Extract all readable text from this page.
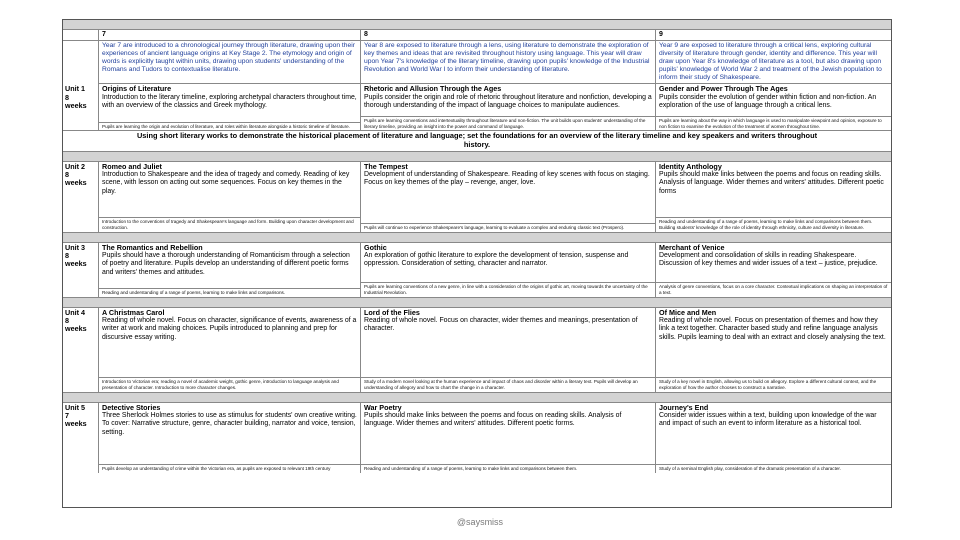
7	8	9
Year 7 are introduced to a chronological journey through literature, drawing upon their experiences of ancient language origins at Key Stage 2. The etymology and origin of words is explicitly taught within units, drawing upon students' understanding of the Romans and Tudors to contextualise literature.
Year 8 are exposed to literature through a lens, using literature to demonstrate the exploration of key themes and ideas that are revisited throughout history using language. This year will draw upon Year 7's knowledge of the literary timeline, drawing upon pupils' knowledge of the Industrial Revolution and World War I to inform their understanding of literature.
Year 9 are exposed to literature through a critical lens, exploring cultural diversity of literature through gender, identity and difference. This year will draw upon Year 8's knowledge of literature as a tool, but also drawing upon pupils' knowledge of World War 2 and treatment of the Jewish population to inform their study of Shakespeare.
Unit 1
8
weeks
Origins of Literature
Introduction to the literary timeline, exploring archetypal characters throughout time, with an overview of the classics and Greek mythology.
Pupils are learning the origin and evolution of literature, and roles within literature alongside a historic timeline of literature.
Rhetoric and Allusion Through the Ages
Pupils consider the origin and role of rhetoric throughout literature and nonfiction, developing a thorough understanding of the impact of language choices to manipulate audiences.
Pupils are learning conventions and intertextuality throughout literature and non-fiction. The unit builds upon students' understanding of the literary timeline, providing an insight into the power and command of language.
Gender and Power Through The Ages
Pupils consider the evolution of gender within fiction and non-fiction. An exploration of the use of language through a critical lens.
Pupils are learning about the way in which language is used to manipulate viewpoint and opinion, exposure to non fiction to examine the evolution of the treatment of women throughout time.
Using short literary works to demonstrate the historical placement of literature and language; set the foundations for an overview of the literary timeline and key speakers and writers throughout history.
Unit 2
8
weeks
Romeo and Juliet
Introduction to Shakespeare and the idea of tragedy and comedy. Reading of key scene, with lesson on acting out some sequences. Focus on key themes in the play.
Introduction to the conventions of tragedy and Shakespeare's language and form. Building upon character development and construction.
The Tempest
Development of understanding of Shakespeare. Reading of key scenes with focus on staging. Focus on key themes of the play – revenge, anger, love.
Pupils will continue to experience Shakespeare's language, learning to evaluate a complex and enduring classic text (Prospero).
Identity Anthology
Pupils should make links between the poems and focus on reading skills. Analysis of language. Wider themes and writers' attitudes. Different poetic forms
Reading and understanding of a range of poems, learning to make links and comparisons between them. Building students' knowledge of the role of identity through ethnicity, culture and diversity in literature.
Unit 3
8
weeks
The Romantics and Rebellion
Pupils should have a thorough understanding of Romanticism through a selection of poetry and literature. Pupils develop an understanding of different poetic forms and writers' themes and attitudes.
Reading and understanding of a range of poems, learning to make links and comparisons.
Gothic
An exploration of gothic literature to explore the development of tension, suspense and oppression. Consideration of setting, character and narrator.
Pupils are learning conventions of a new genre, in line with a consideration of the origins of gothic art, moving towards the uncertainty of the Industrial Revolution.
Merchant of Venice
Development and consolidation of skills in reading Shakespeare. Discussion of key themes and wider issues of a text – justice, prejudice.
Analysis of genre conventions, focus on a core character. Contextual implications on shaping an interpretation of a text.
Unit 4
8
weeks
A Christmas Carol
Reading of whole novel. Focus on character, significance of events, awareness of a writer at work and making choices. Pupils introduced to planning and prep for discursive essay writing.
Introduction to Victorian era; reading a novel of academic weight, gothic genre, introduction to language analysis and presentation of character. Introduction to more character changes.
Lord of the Flies
Reading of whole novel. Focus on character, wider themes and meanings, presentation of character.
Study of a modern novel looking at the human experience and impact of chaos and disorder within a literary text. Pupils will develop an understanding of allegory and how to chart the change in a character.
Of Mice and Men
Reading of whole novel. Focus on presentation of themes and how they link a text together. Character based study and refine language analysis skills. Pupils learning to deal with an extract and closely analysing the text.
Study of a key novel in English, allowing us to build on allegory. Explore a different cultural context, and the exploration of how the author chooses to construct a narrative.
Unit 5
7
weeks
Detective Stories
Three Sherlock Holmes stories to use as stimulus for students' own creative writing. To cover: Narrative structure, genre, character building, narrator and voice, tension, setting.
Pupils develop an understanding of crime within the Victorian era, as pupils are exposed to relevant 19th century
War Poetry
Pupils should make links between the poems and focus on reading skills. Analysis of language. Wider themes and writers' attitudes. Different poetic forms.
Reading and understanding of a range of poems, learning to make links and comparisons between them.
Journey's End
Consider wider issues within a text, building upon knowledge of the war and impact of such an event to inform literature as a historical tool.
Study of a seminal English play, consideration of the dramatic presentation of a character.
@saysmiss
